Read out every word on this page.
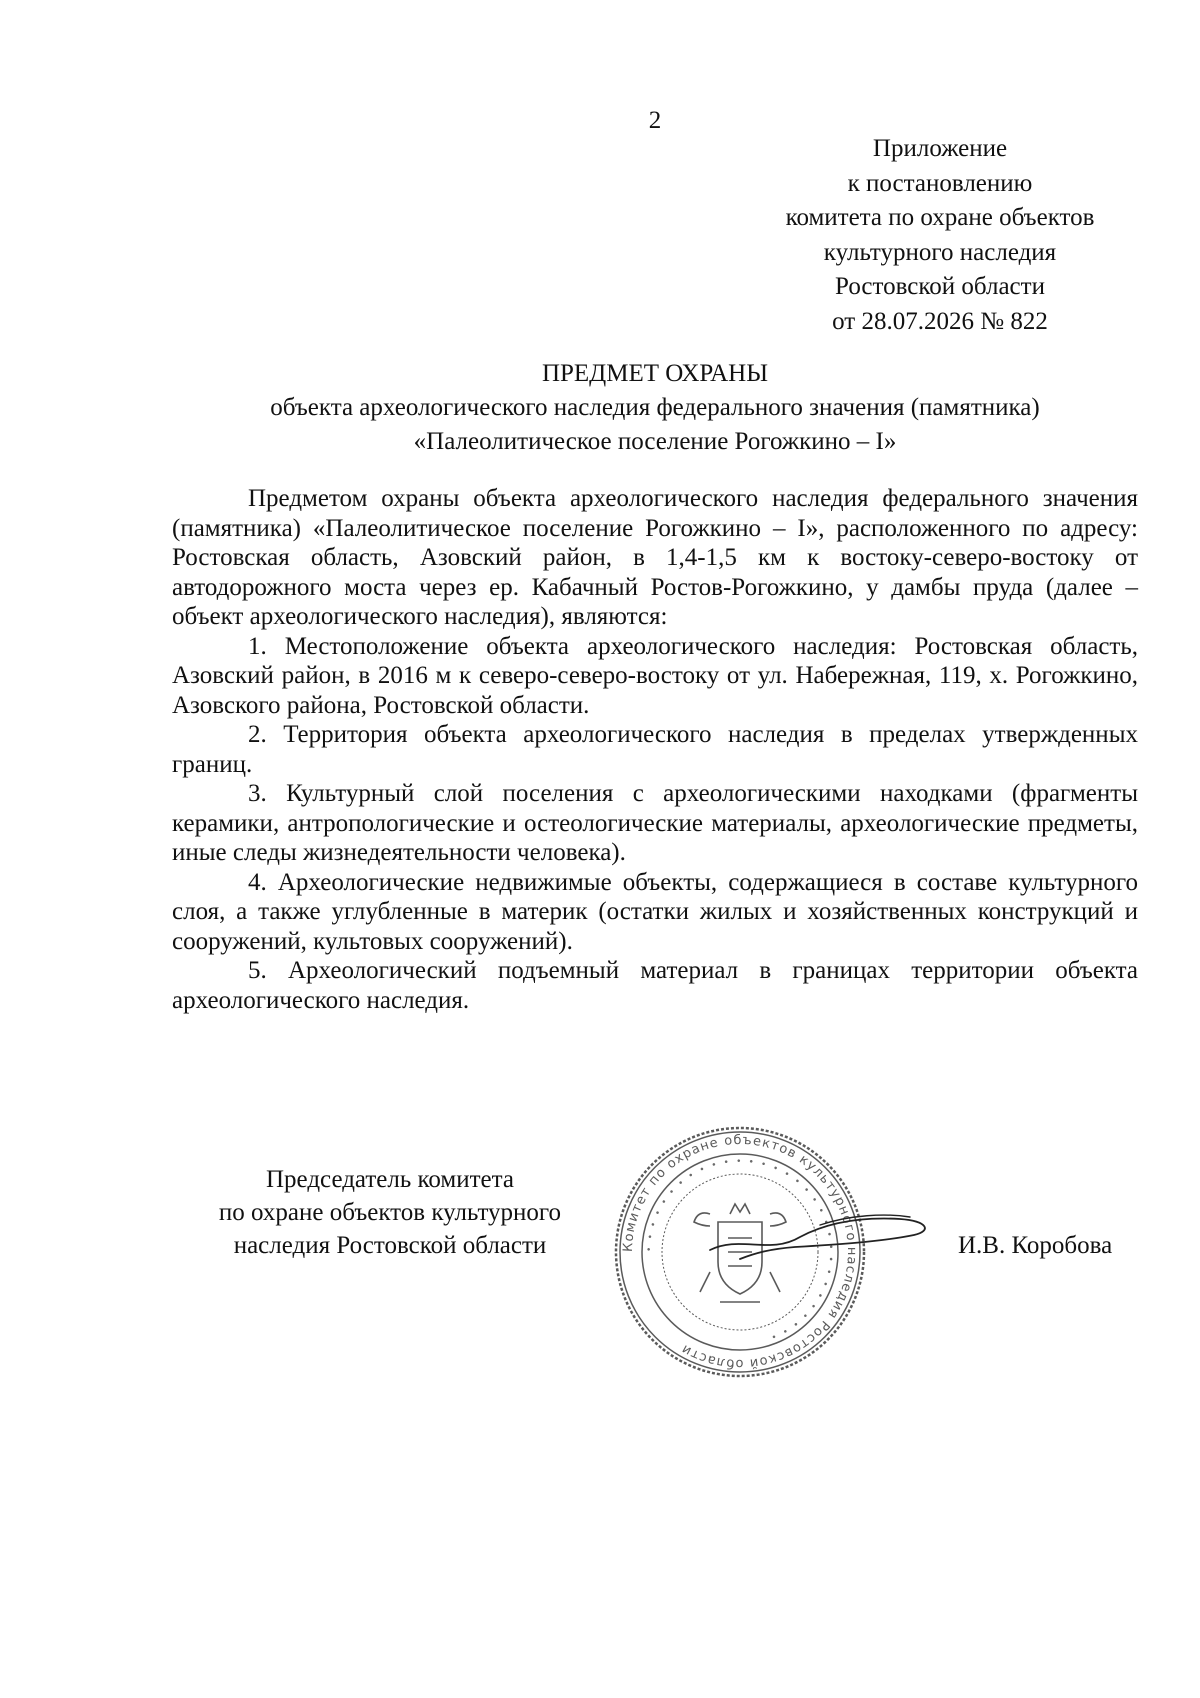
2
Приложение
к постановлению
комитета по охране объектов
культурного наследия
Ростовской области
от 28.07.2026 № 822
ПРЕДМЕТ ОХРАНЫ
объекта археологического наследия федерального значения (памятника)
«Палеолитическое поселение Рогожкино – I»

Предметом охраны объекта археологического наследия федерального значения (памятника) «Палеолитическое поселение Рогожкино – I», расположенного по адресу: Ростовская область, Азовский район, в 1,4-1,5 км к востоку-северо-востоку от автодорожного моста через ер. Кабачный Ростов-Рогожкино, у дамбы пруда (далее – объект археологического наследия), являются:

1. Местоположение объекта археологического наследия: Ростовская область, Азовский район, в 2016 м к северо-северо-востоку от ул. Набережная, 119, х. Рогожкино, Азовского района, Ростовской области.

2. Территория объекта археологического наследия в пределах утвержденных границ.

3. Культурный слой поселения с археологическими находками (фрагменты керамики, антропологические и остеологические материалы, археологические предметы, иные следы жизнедеятельности человека).

4. Археологические недвижимые объекты, содержащиеся в составе культурного слоя, а также углубленные в материк (остатки жилых и хозяйственных конструкций и сооружений, культовых сооружений).

5. Археологический подъемный материал в границах территории объекта археологического наследия.

Председатель комитета
по охране объектов культурного
наследия Ростовской области	Комитет по охране объектов культурного наследия Ростовской области
• • • • • • • • • • • • • • • • • • • • • • • • • • • • • • • •
И.В. Коробова
